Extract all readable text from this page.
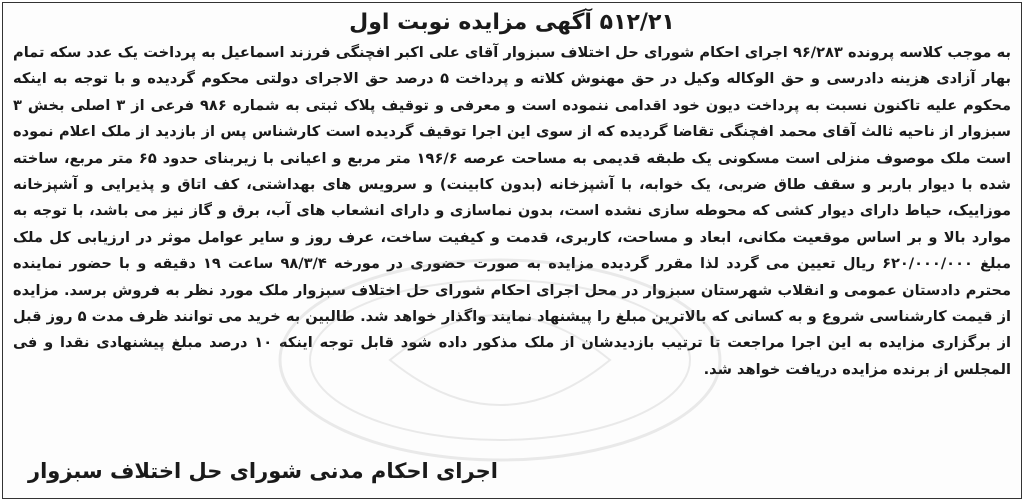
۵۱۲/۲۱ آگهی مزایده نوبت اول
به موجب کلاسه پرونده ۹۶/۲۸۳ اجرای احکام شورای حل اختلاف سبزوار آقای علی اکبر افچنگی فرزند اسماعیل به پرداخت یک عدد سکه تمام بهار آزادی هزینه دادرسی و حق الوکاله وکیل در حق مهنوش کلاته و پرداخت ۵ درصد حق الاجرای دولتی محکوم گردیده و با توجه به اینکه محکوم علیه تاکنون نسبت به پرداخت دیون خود اقدامی ننموده است و معرفی و توقیف پلاک ثبتی به شماره ۹۸۶ فرعی از ۳ اصلی بخش ۳ سبزوار از ناحیه ثالث آقای محمد افچنگی تقاضا گردیده که از سوی این اجرا توقیف گردیده است کارشناس پس از بازدید از ملک اعلام نموده است ملک موصوف منزلی است مسکونی یک طبقه قدیمی به مساحت عرصه ۱۹۶/۶ متر مربع و اعیانی با زیربنای حدود ۶۵ متر مربع، ساخته شده با دیوار باربر و سقف طاق ضربی، یک خوابه، با آشپزخانه (بدون کابینت) و سرویس های بهداشتی، کف اتاق و پذیرایی و آشپزخانه موزاییک، حیاط دارای دیوار کشی که محوطه سازی نشده است، بدون نماسازی و دارای انشعاب های آب، برق و گاز نیز می باشد، با توجه به موارد بالا و بر اساس موقعیت مکانی، ابعاد و مساحت، کاربری، قدمت و کیفیت ساخت، عرف روز و سایر عوامل موثر در ارزیابی کل ملک مبلغ ۶۲۰/۰۰۰/۰۰۰ ریال تعیین می گردد لذا مقرر گردیده مزایده به صورت حضوری در مورخه ۹۸/۳/۴ ساعت ۱۹ دقیقه و با حضور نماینده محترم دادستان عمومی و انقلاب شهرستان سبزوار در محل اجرای احکام شورای حل اختلاف سبزوار ملک مورد نظر به فروش برسد. مزایده از قیمت کارشناسی شروع و به کسانی که بالاترین مبلغ را پیشنهاد نمایند واگذار خواهد شد. طالبین به خرید می توانند ظرف مدت ۵ روز قبل از برگزاری مزایده به این اجرا مراجعت تا ترتیب بازدیدشان از ملک مذکور داده شود قابل توجه اینکه ۱۰ درصد مبلغ پیشنهادی نقدا و فی المجلس از برنده مزایده دریافت خواهد شد.
اجرای احکام مدنی شورای حل اختلاف سبزوار
